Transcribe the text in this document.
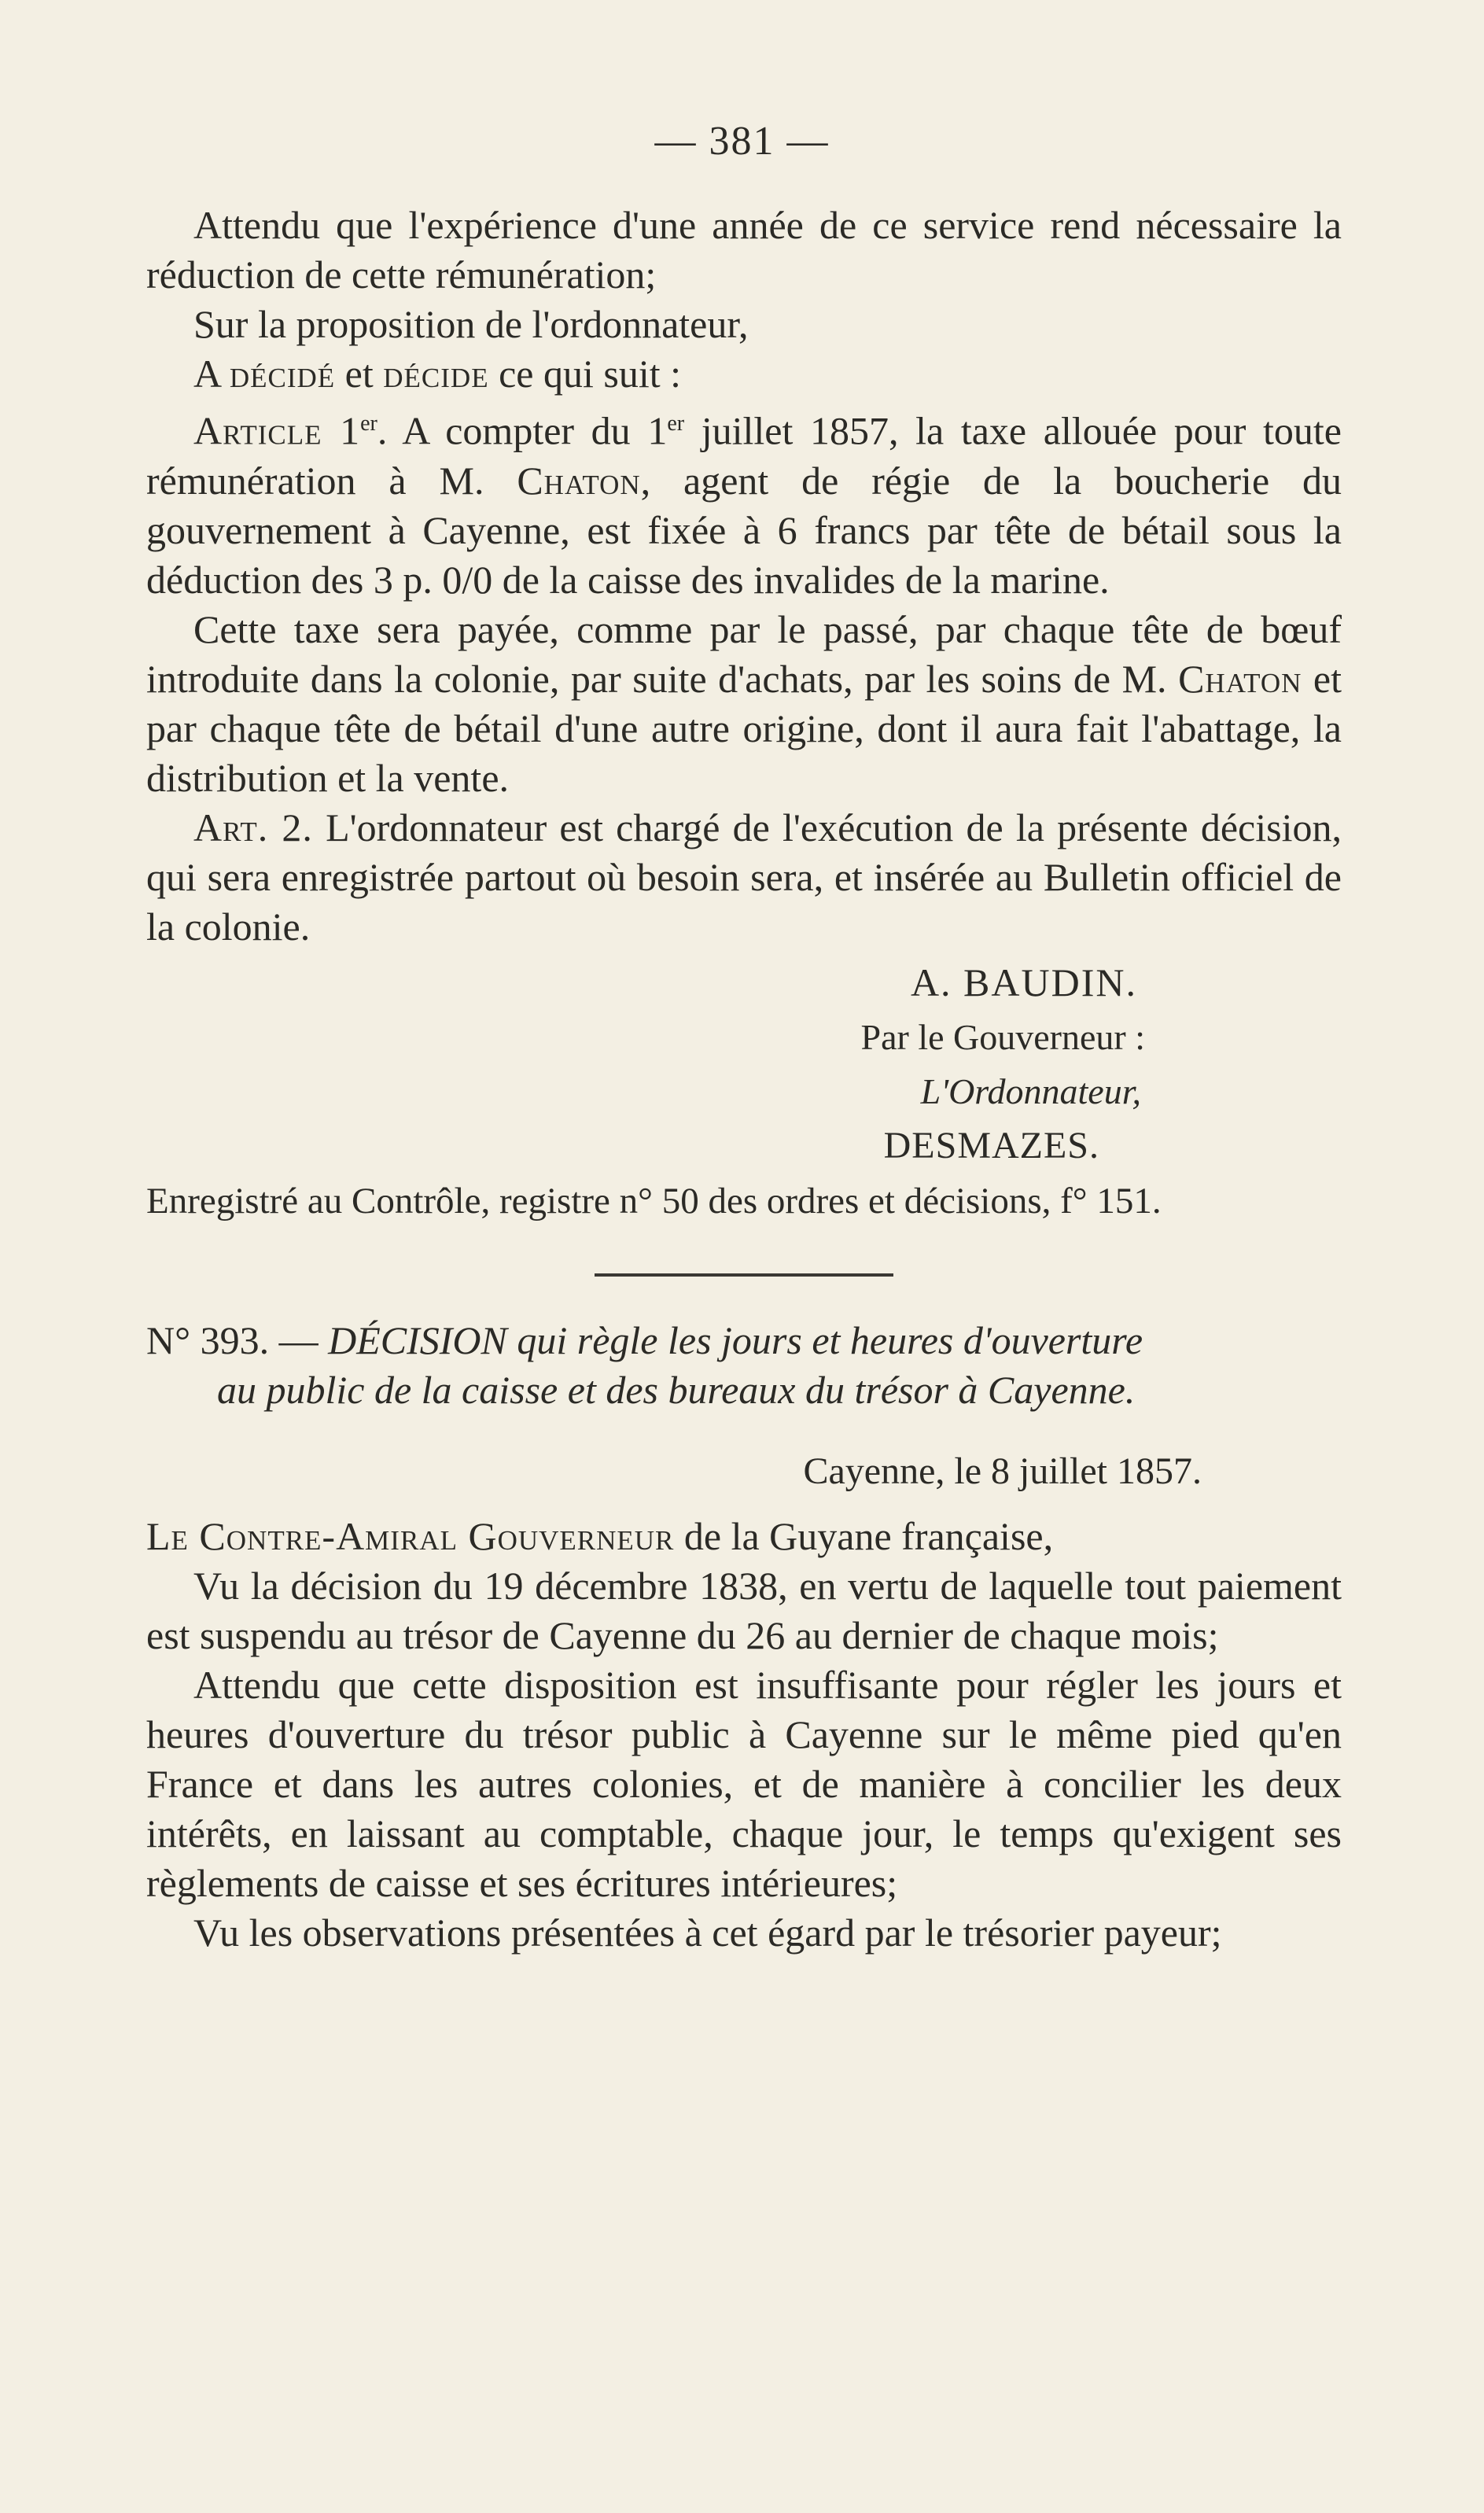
— 381 —

Attendu que l'expérience d'une année de ce service rend nécessaire la réduction de cette rémunération;

Sur la proposition de l'ordonnateur,

A décidé et décide ce qui suit :

Article 1er. A compter du 1er juillet 1857, la taxe allouée pour toute rémunération à M. Chaton, agent de régie de la boucherie du gouvernement à Cayenne, est fixée à 6 francs par tête de bétail sous la déduction des 3 p. 0/0 de la caisse des invalides de la marine.

Cette taxe sera payée, comme par le passé, par chaque tête de bœuf introduite dans la colonie, par suite d'achats, par les soins de M. Chaton et par chaque tête de bétail d'une autre origine, dont il aura fait l'abattage, la distribution et la vente.

Art. 2. L'ordonnateur est chargé de l'exécution de la présente décision, qui sera enregistrée partout où besoin sera, et insérée au Bulletin officiel de la colonie.

A. BAUDIN.
Par le Gouverneur :
L'Ordonnateur,
DESMAZES.

Enregistré au Contrôle, registre n° 50 des ordres et décisions, f° 151.

N° 393. — DÉCISION qui règle les jours et heures d'ouverture
au public de la caisse et des bureaux du trésor à Cayenne.

Cayenne, le 8 juillet 1857.

Le Contre-Amiral Gouverneur de la Guyane française,

Vu la décision du 19 décembre 1838, en vertu de laquelle tout paiement est suspendu au trésor de Cayenne du 26 au dernier de chaque mois;

Attendu que cette disposition est insuffisante pour régler les jours et heures d'ouverture du trésor public à Cayenne sur le même pied qu'en France et dans les autres colonies, et de manière à concilier les deux intérêts, en laissant au comptable, chaque jour, le temps qu'exigent ses règlements de caisse et ses écritures intérieures;

Vu les observations présentées à cet égard par le trésorier payeur;
